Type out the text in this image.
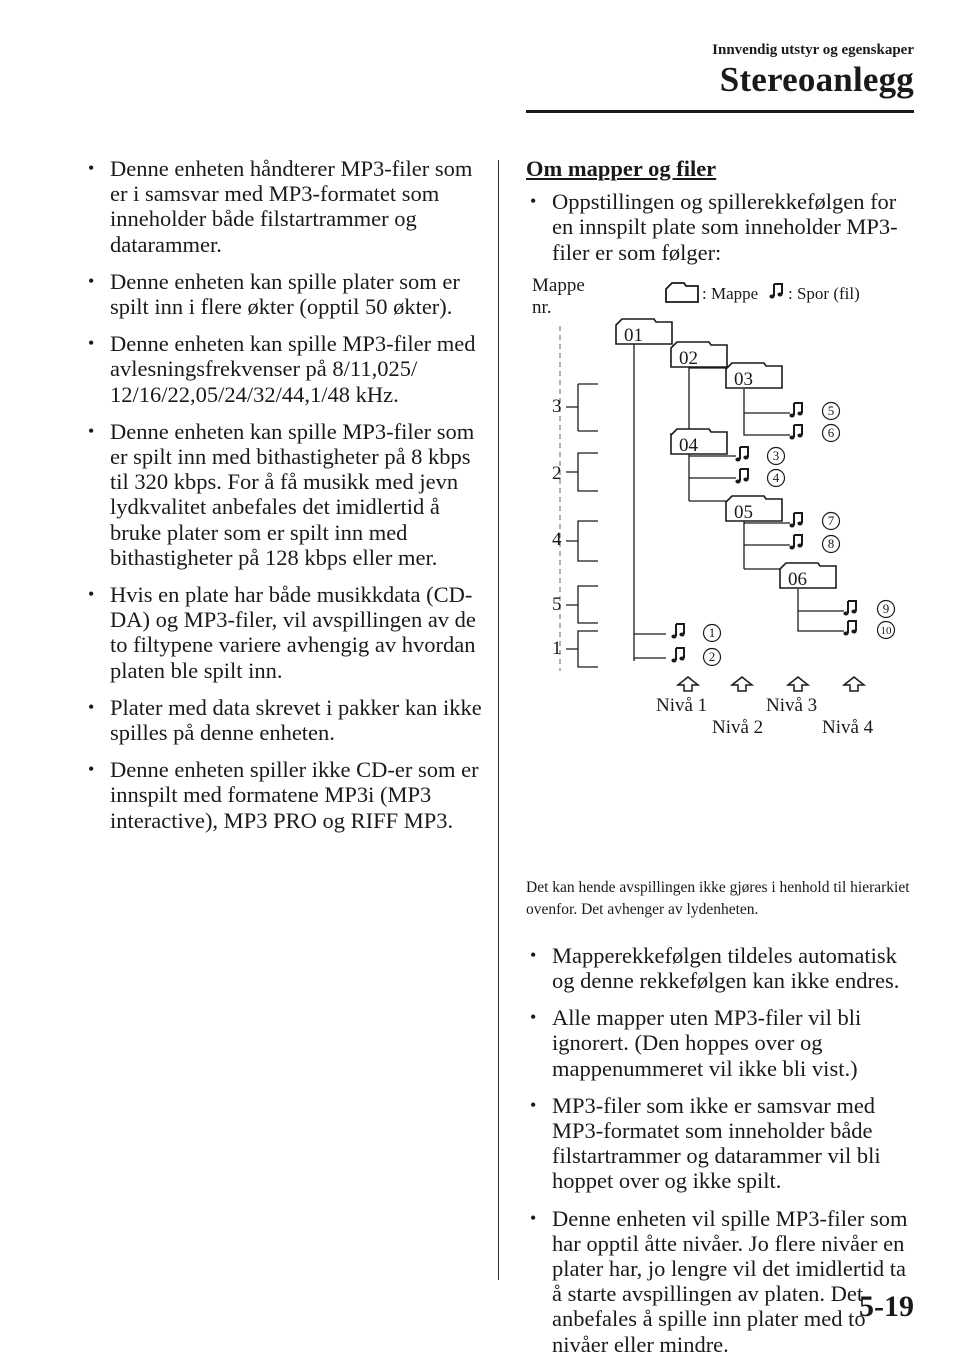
Innvendig utstyr og egenskaper
Stereoanlegg
• Denne enheten håndterer MP3-filer som er i samsvar med MP3-formatet som inneholder både filstartrammer og datarammer.
• Denne enheten kan spille plater som er spilt inn i flere økter (opptil 50 økter).
• Denne enheten kan spille MP3-filer med avlesningsfrekvenser på 8/11,025/ 12/16/22,05/24/32/44,1/48 kHz.
• Denne enheten kan spille MP3-filer som er spilt inn med bithastigheter på 8 kbps til 320 kbps. For å få musikk med jevn lydkvalitet anbefales det imidlertid å bruke plater som er spilt inn med bithastigheter på 128 kbps eller mer.
• Hvis en plate har både musikkdata (CD-DA) og MP3-filer, vil avspillingen av de to filtypene variere avhengig av hvordan platen ble spilt inn.
• Plater med data skrevet i pakker kan ikke spilles på denne enheten.
• Denne enheten spiller ikke CD-er som er innspilt med formatene MP3i (MP3 interactive), MP3 PRO og RIFF MP3.
Om mapper og filer
• Oppstillingen og spillerekkefølgen for en innspilt plate som inneholder MP3-filer er som følger:
Mappe
nr.
: Mappe : Spor (fil)
3
2
4
5
1
01
02
03
04
05
06
1
2
3
4
5
6
7
8
9
10
Nivå 1
Nivå 2
Nivå 3
Nivå 4
Det kan hende avspillingen ikke gjøres i henhold til hierarkiet ovenfor. Det avhenger av lydenheten.
• Mapperekkefølgen tildeles automatisk og denne rekkefølgen kan ikke endres.
• Alle mapper uten MP3-filer vil bli ignorert. (Den hoppes over og mappenummeret vil ikke bli vist.)
• MP3-filer som ikke er samsvar med MP3-formatet som inneholder både filstartrammer og datarammer vil bli hoppet over og ikke spilt.
• Denne enheten vil spille MP3-filer som har opptil åtte nivåer. Jo flere nivåer en plater har, jo lengre vil det imidlertid ta å starte avspillingen av platen. Det anbefales å spille inn plater med to nivåer eller mindre.
5-19
